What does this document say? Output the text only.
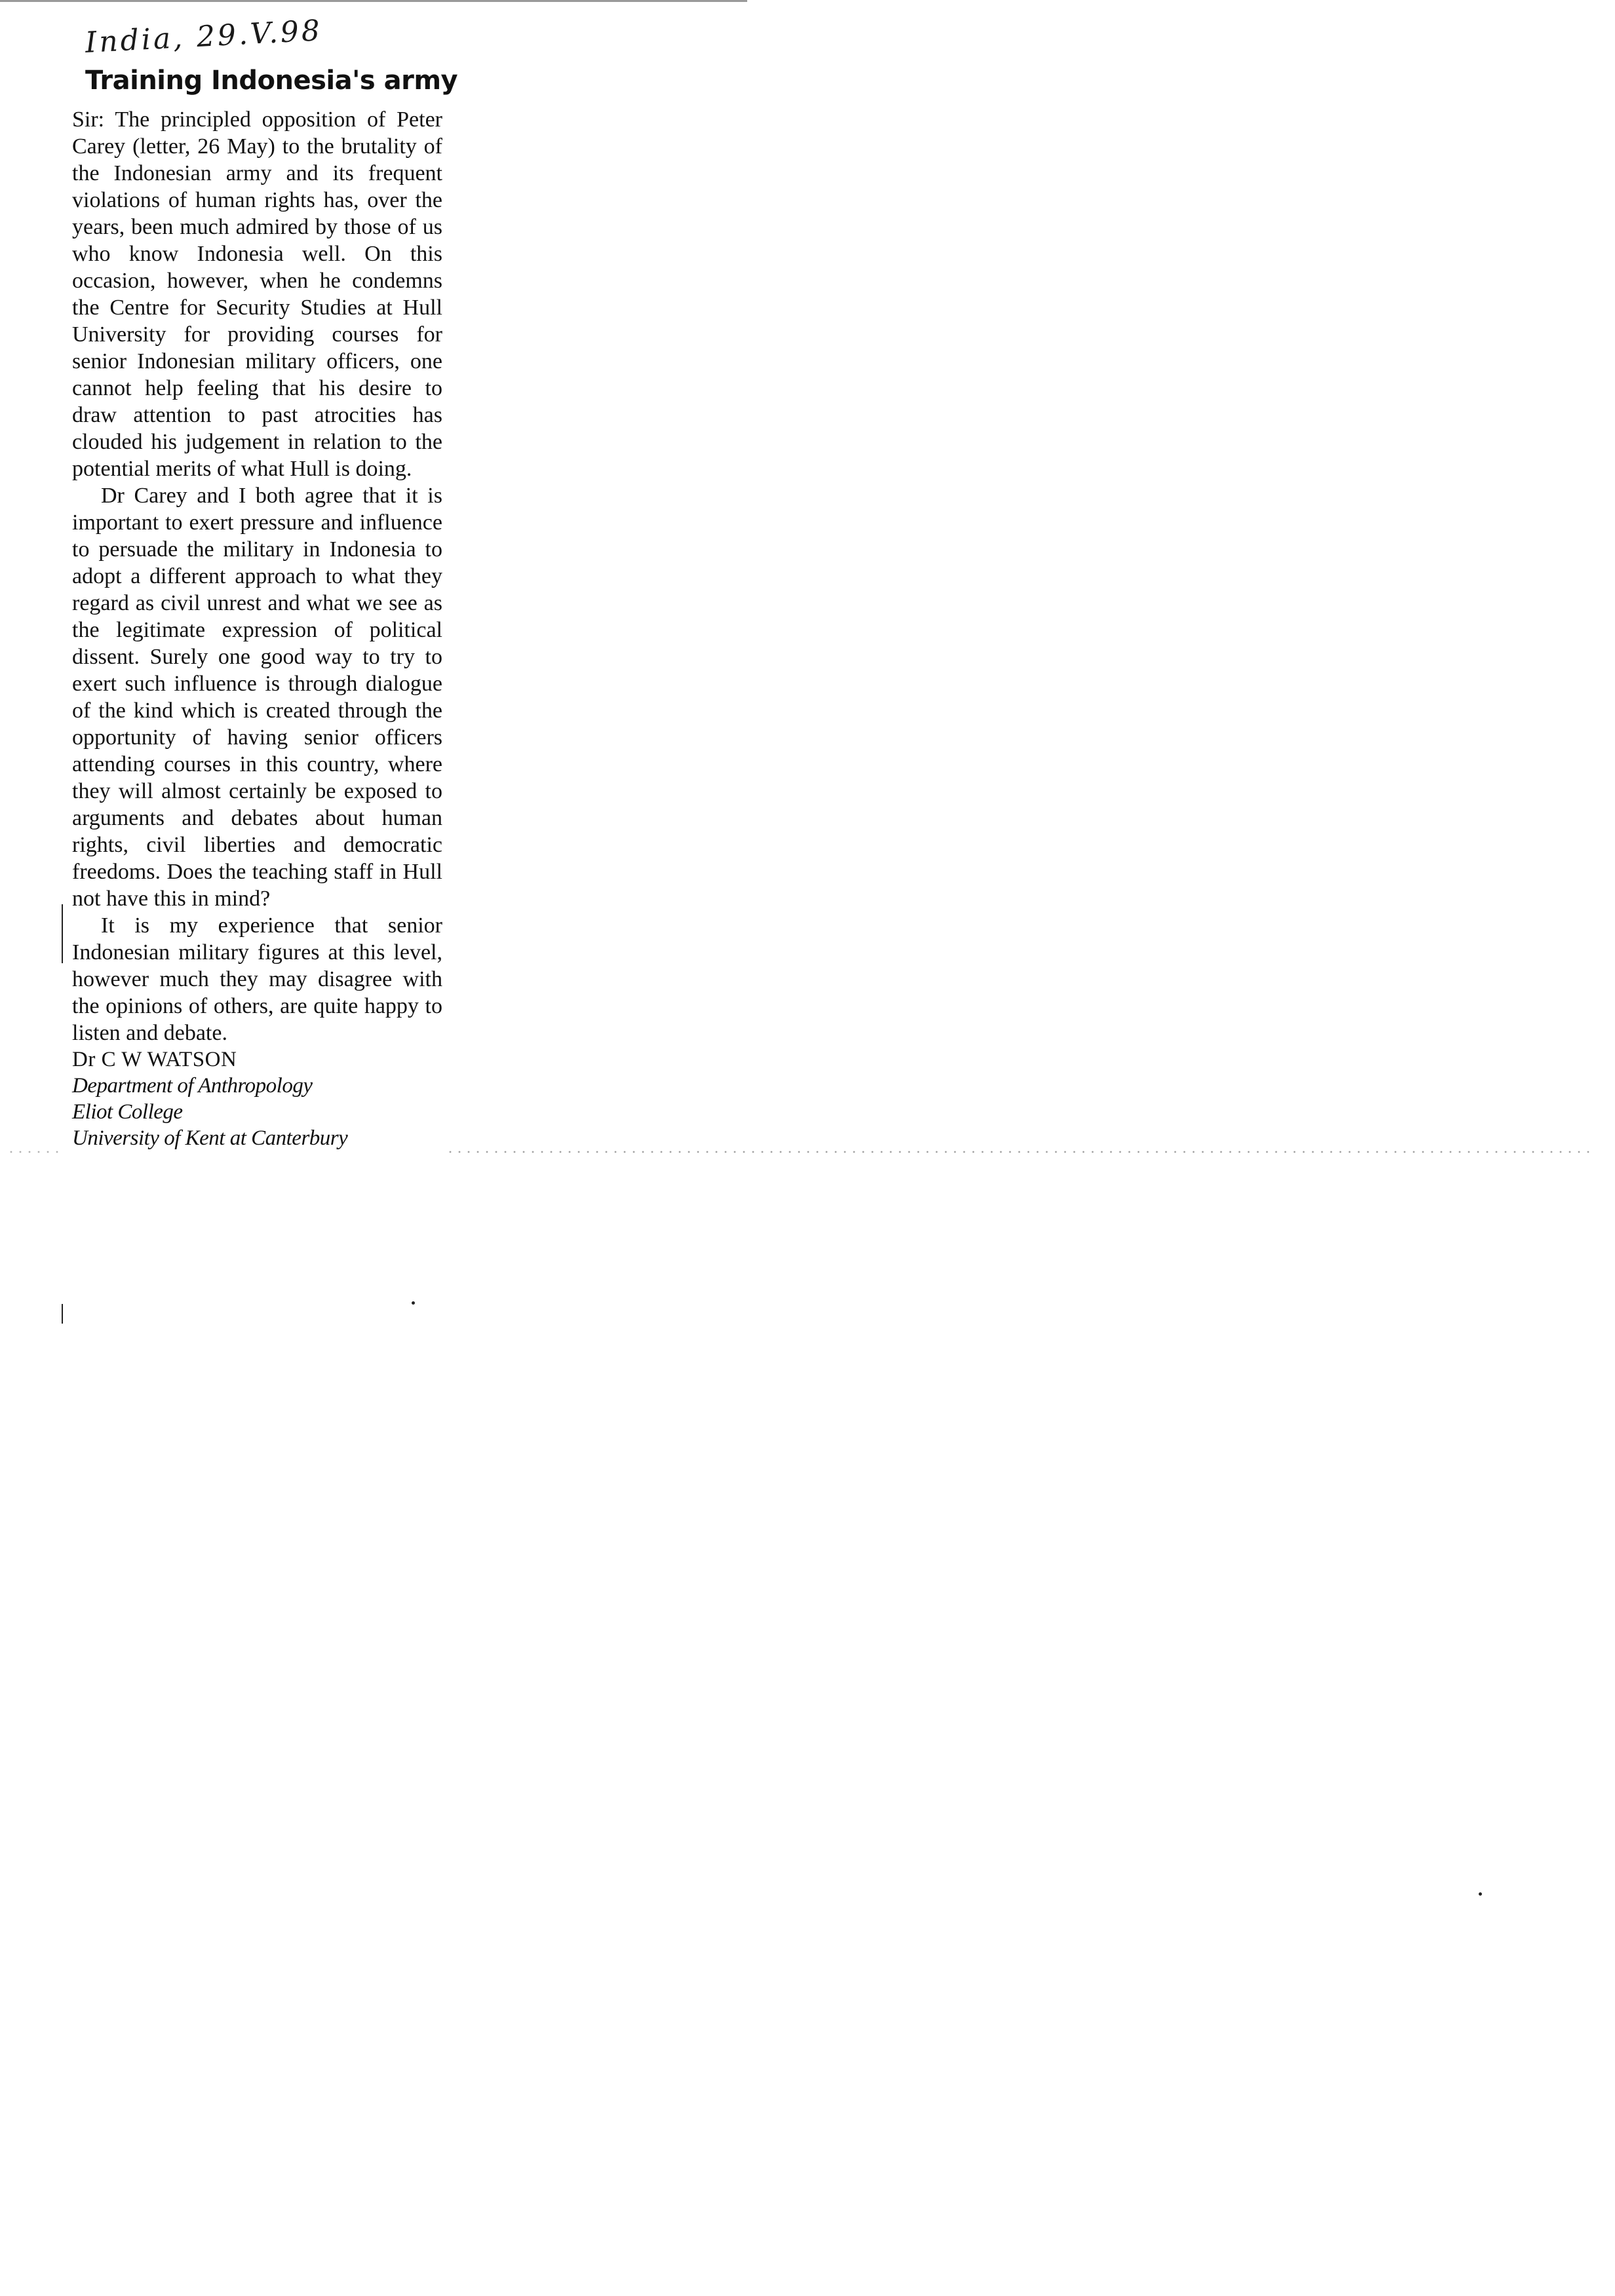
India, 29.V.98
Training Indonesia's army

Sir: The principled opposition of Peter Carey (letter, 26 May) to the brutality of the Indonesian army and its frequent violations of human rights has, over the years, been much admired by those of us who know Indonesia well. On this occasion, however, when he condemns the Centre for Security Studies at Hull University for providing courses for senior Indonesian military officers, one cannot help feeling that his desire to draw attention to past atrocities has clouded his judgement in relation to the potential merits of what Hull is doing.

Dr Carey and I both agree that it is important to exert pressure and influence to persuade the military in Indonesia to adopt a different approach to what they regard as civil unrest and what we see as the legitimate expression of political dissent. Surely one good way to try to exert such influence is through dialogue of the kind which is created through the opportunity of having senior officers attending courses in this country, where they will almost certainly be exposed to arguments and debates about human rights, civil liberties and democratic freedoms. Does the teaching staff in Hull not have this in mind?

It is my experience that senior Indonesian military figures at this level, however much they may disagree with the opinions of others, are quite happy to listen and debate.

Dr C W WATSON
Department of Anthropology
Eliot College
University of Kent at Canterbury
